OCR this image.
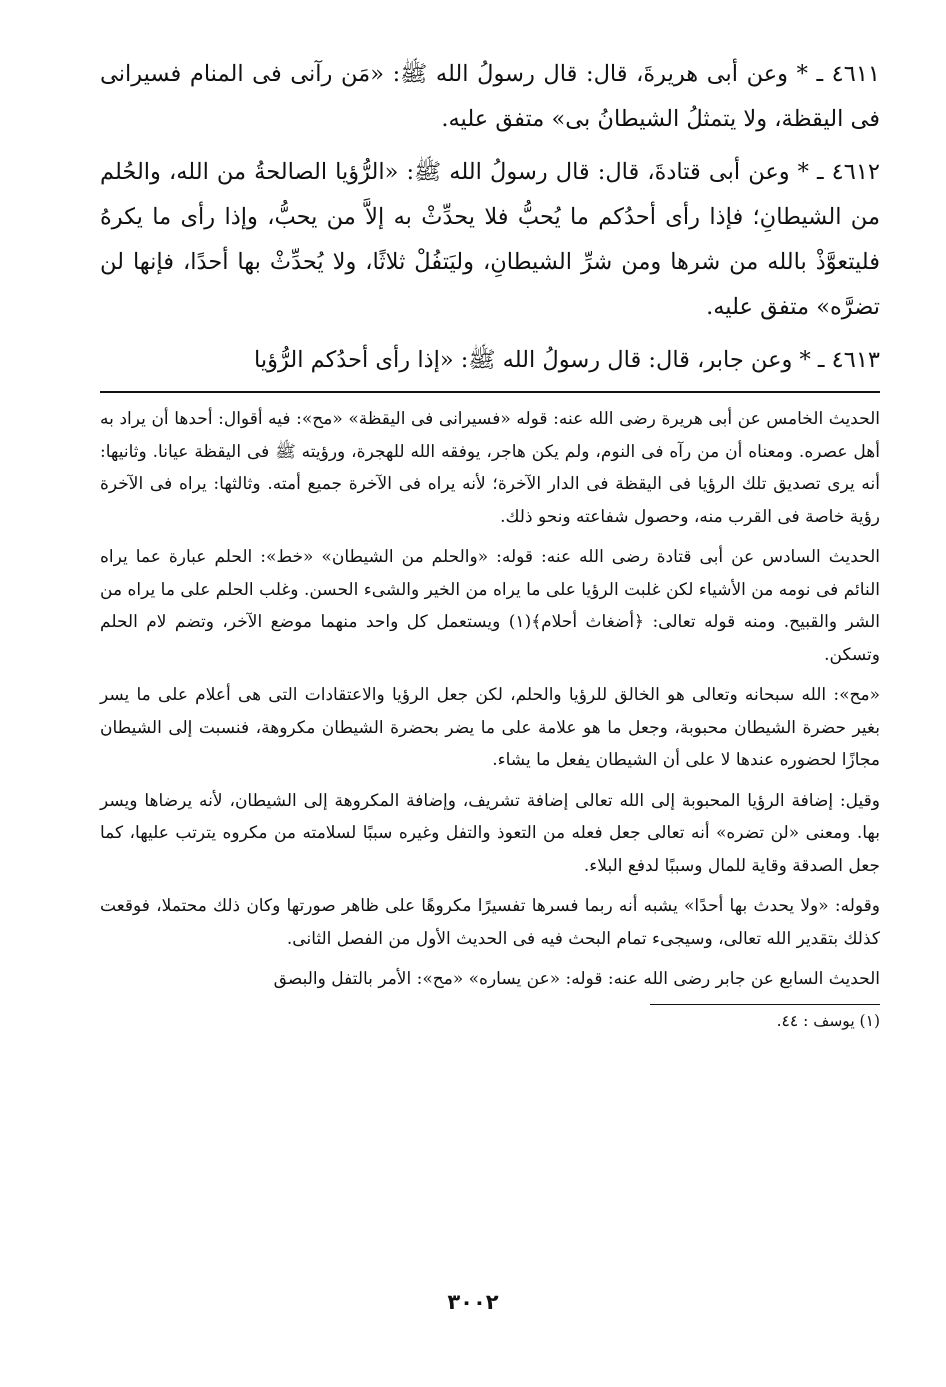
٤٦١١ ـ * وعن أبى هريرةَ، قال: قال رسولُ الله ﷺ: «مَن رآنى فى المنام فسيرانى فى اليقظة، ولا يتمثلُ الشيطانُ بى» متفق عليه.

٤٦١٢ ـ * وعن أبى قتادةَ، قال: قال رسولُ الله ﷺ: «الرُّؤيا الصالحةُ من الله، والحُلم من الشيطانِ؛ فإذا رأى أحدُكم ما يُحبُّ فلا يحدِّثْ به إلاَّ من يحبُّ، وإذا رأى ما يكرهُ فليتعوَّذْ بالله من شرها ومن شرِّ الشيطانِ، وليَتفُلْ ثلاثًا، ولا يُحدِّثْ بها أحدًا، فإنها لن تضرَّه» متفق عليه.

٤٦١٣ ـ * وعن جابر، قال: قال رسولُ الله ﷺ: «إذا رأى أحدُكم الرُّؤيا

الحديث الخامس عن أبى هريرة رضى الله عنه: قوله «فسيرانى فى اليقظة» «مح»: فيه أقوال: أحدها أن يراد به أهل عصره. ومعناه أن من رآه فى النوم، ولم يكن هاجر، يوفقه الله للهجرة، ورؤيته ﷺ فى اليقظة عيانا. وثانيها: أنه يرى تصديق تلك الرؤيا فى اليقظة فى الدار الآخرة؛ لأنه يراه فى الآخرة جميع أمته. وثالثها: يراه فى الآخرة رؤية خاصة فى القرب منه، وحصول شفاعته ونحو ذلك.

الحديث السادس عن أبى قتادة رضى الله عنه: قوله: «والحلم من الشيطان» «خط»: الحلم عبارة عما يراه النائم فى نومه من الأشياء لكن غلبت الرؤيا على ما يراه من الخير والشىء الحسن. وغلب الحلم على ما يراه من الشر والقبيح. ومنه قوله تعالى: ﴿أضغاث أحلام﴾(١) ويستعمل كل واحد منهما موضع الآخر، وتضم لام الحلم وتسكن.

«مح»: الله سبحانه وتعالى هو الخالق للرؤيا والحلم، لكن جعل الرؤيا والاعتقادات التى هى أعلام على ما يسر بغير حضرة الشيطان محبوبة، وجعل ما هو علامة على ما يضر بحضرة الشيطان مكروهة، فنسبت إلى الشيطان مجازًا لحضوره عندها لا على أن الشيطان يفعل ما يشاء.

وقيل: إضافة الرؤيا المحبوبة إلى الله تعالى إضافة تشريف، وإضافة المكروهة إلى الشيطان، لأنه يرضاها ويسر بها. ومعنى «لن تضره» أنه تعالى جعل فعله من التعوذ والتفل وغيره سببًا لسلامته من مكروه يترتب عليها، كما جعل الصدقة وقاية للمال وسببًا لدفع البلاء.

وقوله: «ولا يحدث بها أحدًا» يشبه أنه ربما فسرها تفسيرًا مكروهًا على ظاهر صورتها وكان ذلك محتملا، فوقعت كذلك بتقدير الله تعالى، وسيجىء تمام البحث فيه فى الحديث الأول من الفصل الثانى.

الحديث السابع عن جابر رضى الله عنه: قوله: «عن يساره» «مح»: الأمر بالتفل والبصق

(١) يوسف : ٤٤.
٣٠٠٢
